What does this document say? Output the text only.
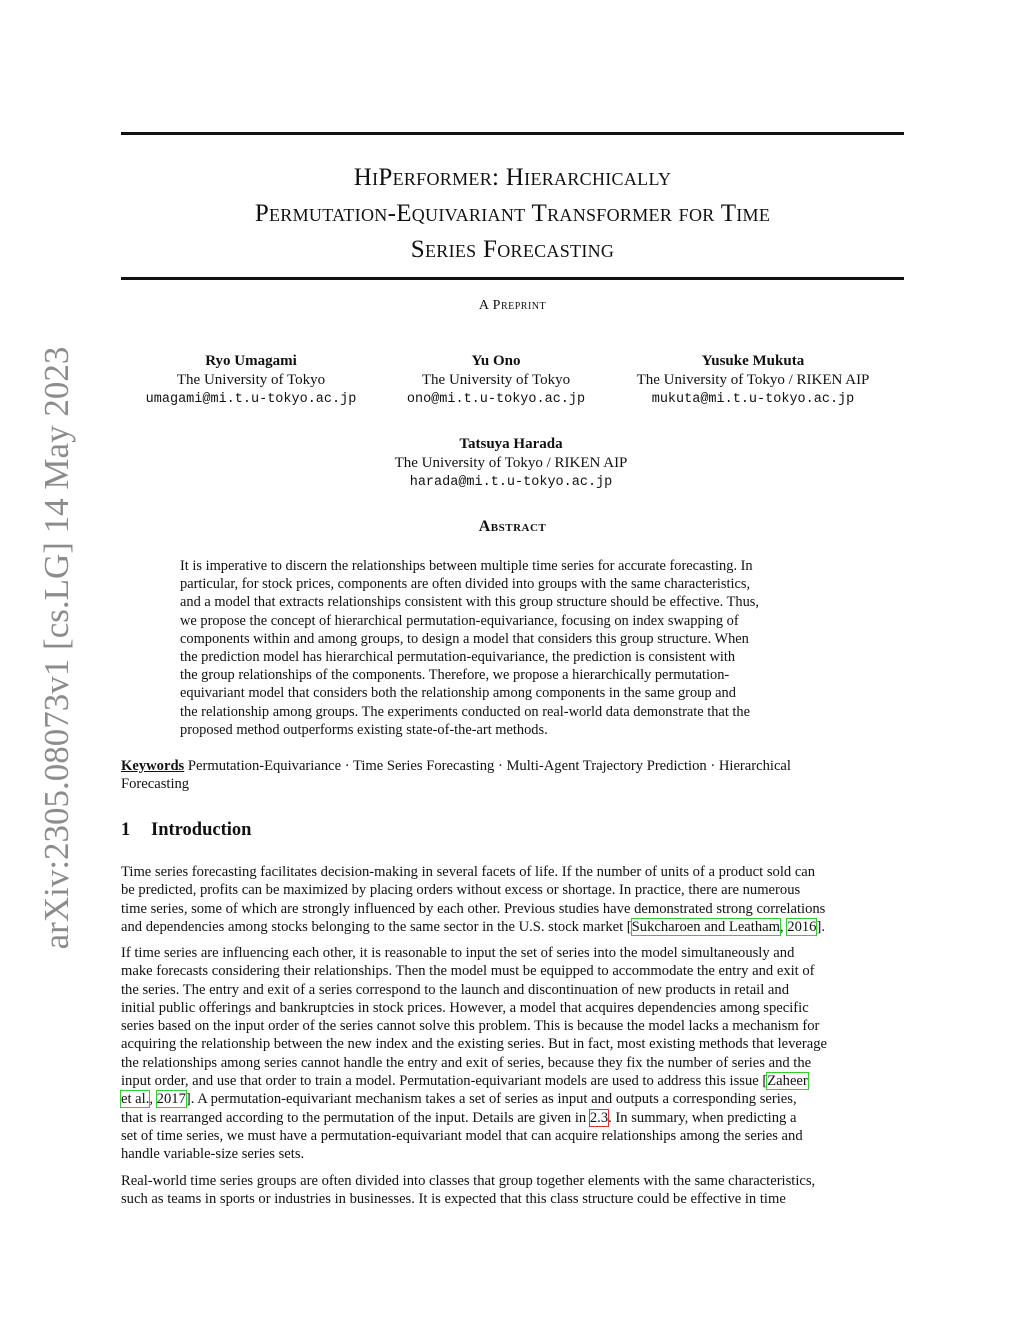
arXiv:2305.08073v1 [cs.LG] 14 May 2023
HiPerformer: Hierarchically
Permutation-Equivariant Transformer for Time
Series Forecasting
A Preprint
Ryo Umagami
The University of Tokyo
umagami@mi.t.u-tokyo.ac.jp
Yu Ono
The University of Tokyo
ono@mi.t.u-tokyo.ac.jp
Yusuke Mukuta
The University of Tokyo / RIKEN AIP
mukuta@mi.t.u-tokyo.ac.jp
Tatsuya Harada
The University of Tokyo / RIKEN AIP
harada@mi.t.u-tokyo.ac.jp
Abstract
It is imperative to discern the relationships between multiple time series for accurate forecasting. In
particular, for stock prices, components are often divided into groups with the same characteristics,
and a model that extracts relationships consistent with this group structure should be effective. Thus,
we propose the concept of hierarchical permutation-equivariance, focusing on index swapping of
components within and among groups, to design a model that considers this group structure. When
the prediction model has hierarchical permutation-equivariance, the prediction is consistent with
the group relationships of the components. Therefore, we propose a hierarchically permutation-
equivariant model that considers both the relationship among components in the same group and
the relationship among groups. The experiments conducted on real-world data demonstrate that the
proposed method outperforms existing state-of-the-art methods.
Keywords Permutation-Equivariance · Time Series Forecasting · Multi-Agent Trajectory Prediction · Hierarchical
Forecasting
1 Introduction
Time series forecasting facilitates decision-making in several facets of life. If the number of units of a product sold can
be predicted, profits can be maximized by placing orders without excess or shortage. In practice, there are numerous
time series, some of which are strongly influenced by each other. Previous studies have demonstrated strong correlations
and dependencies among stocks belonging to the same sector in the U.S. stock market [Sukcharoen and Leatham, 2016].
If time series are influencing each other, it is reasonable to input the set of series into the model simultaneously and
make forecasts considering their relationships. Then the model must be equipped to accommodate the entry and exit of
the series. The entry and exit of a series correspond to the launch and discontinuation of new products in retail and
initial public offerings and bankruptcies in stock prices. However, a model that acquires dependencies among specific
series based on the input order of the series cannot solve this problem. This is because the model lacks a mechanism for
acquiring the relationship between the new index and the existing series. But in fact, most existing methods that leverage
the relationships among series cannot handle the entry and exit of series, because they fix the number of series and the
input order, and use that order to train a model. Permutation-equivariant models are used to address this issue [Zaheer
et al., 2017]. A permutation-equivariant mechanism takes a set of series as input and outputs a corresponding series,
that is rearranged according to the permutation of the input. Details are given in 2.3. In summary, when predicting a
set of time series, we must have a permutation-equivariant model that can acquire relationships among the series and
handle variable-size series sets.
Real-world time series groups are often divided into classes that group together elements with the same characteristics,
such as teams in sports or industries in businesses. It is expected that this class structure could be effective in time
